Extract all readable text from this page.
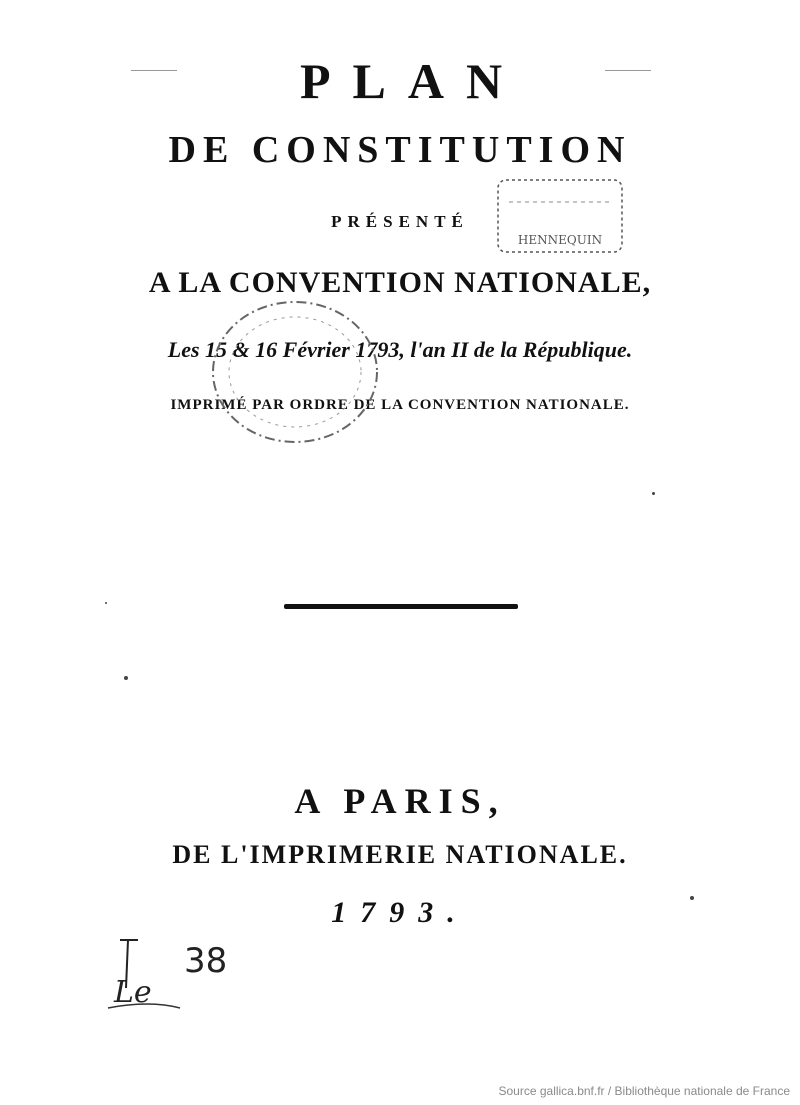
PLAN
DE CONSTITUTION
PRÉSENTÉ
A LA CONVENTION NATIONALE,
Les 15 & 16 Février 1793, l'an II de la République.
IMPRIMÉ PAR ORDRE DE LA CONVENTION NATIONALE.
HENNEQUIN
A PARIS,
DE L'IMPRIMERIE NATIONALE.
1793.
38
Le
Source gallica.bnf.fr / Bibliothèque nationale de France
